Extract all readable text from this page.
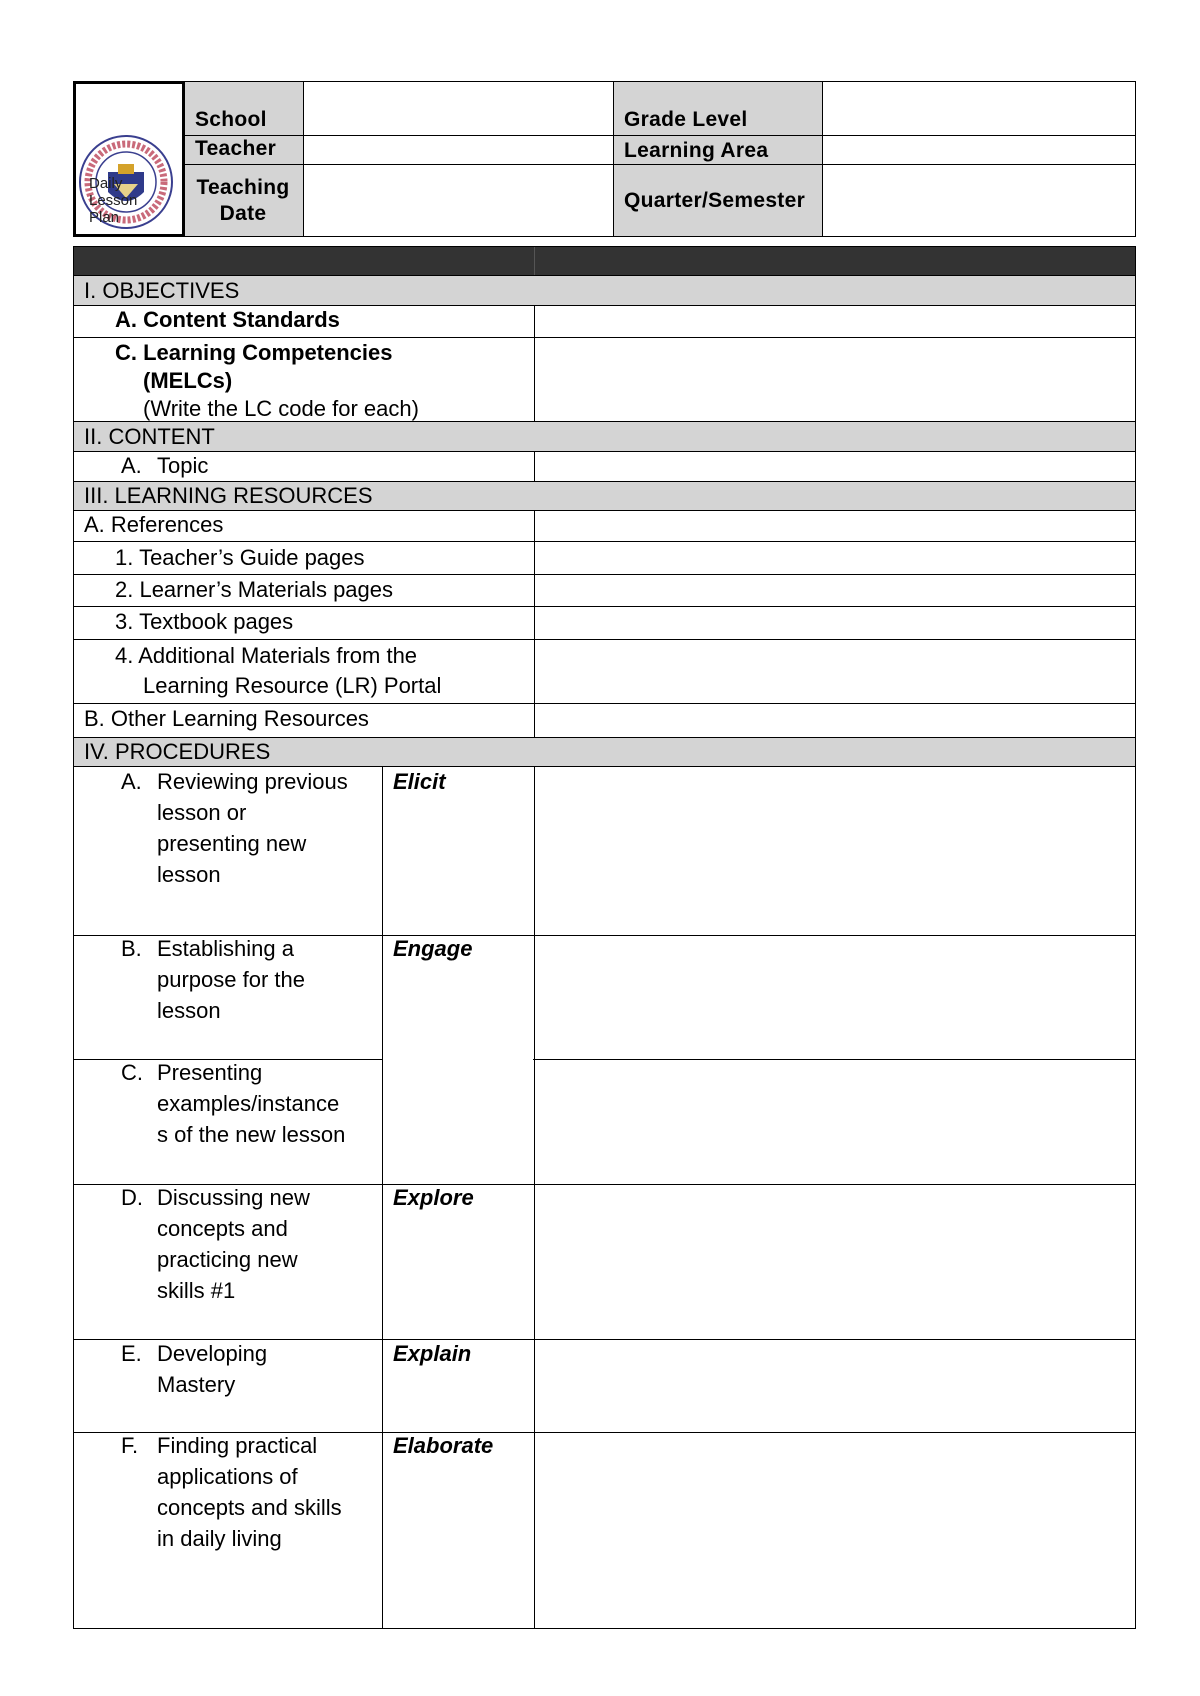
Daily Lesson Plan
School
Teacher
Teaching
Date
Grade Level
Learning Area
Quarter/Semester
I. OBJECTIVES
II. CONTENT
III. LEARNING RESOURCES
IV. PROCEDURES
A. Content Standards
C. Learning Competencies
(MELCs)
(Write the LC code for each)
A. Topic
A. References
1. Teacher’s Guide pages
2. Learner’s Materials pages
3. Textbook pages
4. Additional Materials from the
Learning Resource (LR) Portal
B. Other Learning Resources
A. Reviewing previous
lesson or
presenting new
lesson
Elicit
B. Establishing a
purpose for the
lesson
Engage
C. Presenting
examples/instance
s of the new lesson
D. Discussing new
concepts and
practicing new
skills #1
Explore
E. Developing
Mastery
Explain
F. Finding practical
applications of
concepts and skills
in daily living
Elaborate
